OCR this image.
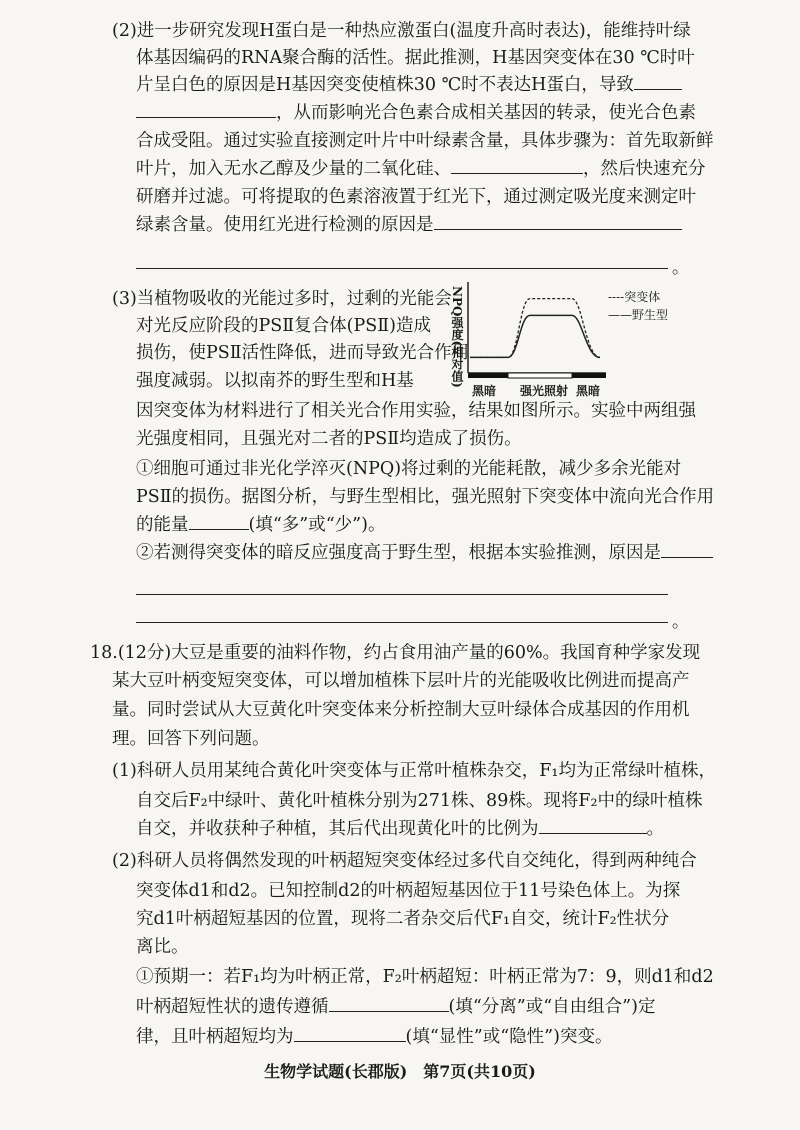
(2)进一步研究发现H蛋白是一种热应激蛋白(温度升高时表达)，能维持叶绿
体基因编码的RNA聚合酶的活性。据此推测，H基因突变体在30 ℃时叶
片呈白色的原因是H基因突变使植株30 ℃时不表达H蛋白，导致
，从而影响光合色素合成相关基因的转录，使光合色素
合成受阻。通过实验直接测定叶片中叶绿素含量，具体步骤为：首先取新鲜
叶片，加入无水乙醇及少量的二氧化硅、	，然后快速充分
研磨并过滤。可将提取的色素溶液置于红光下，通过测定吸光度来测定叶
绿素含量。使用红光进行检测的原因是
。
(3)当植物吸收的光能过多时，过剩的光能会
对光反应阶段的PSⅡ复合体(PSⅡ)造成
损伤，使PSⅡ活性降低，进而导致光合作用
强度减弱。以拟南芥的野生型和H基	NPQ强度(相对值)	----突变体
——野生型
黑暗 强光照射 黑暗
因突变体为材料进行了相关光合作用实验，结果如图所示。实验中两组强
光强度相同，且强光对二者的PSⅡ均造成了损伤。
①细胞可通过非光化学淬灭(NPQ)将过剩的光能耗散，减少多余光能对
PSⅡ的损伤。据图分析，与野生型相比，强光照射下突变体中流向光合作用
的能量	(填“多”或“少”)。
②若测得突变体的暗反应强度高于野生型，根据本实验推测，原因是
。
18.(12分)大豆是重要的油料作物，约占食用油产量的60%。我国育种学家发现
某大豆叶柄变短突变体，可以增加植株下层叶片的光能吸收比例进而提高产
量。同时尝试从大豆黄化叶突变体来分析控制大豆叶绿体合成基因的作用机
理。回答下列问题。
(1)科研人员用某纯合黄化叶突变体与正常叶植株杂交，F₁均为正常绿叶植株，
自交后F₂中绿叶、黄化叶植株分别为271株、89株。现将F₂中的绿叶植株
自交，并收获种子种植，其后代出现黄化叶的比例为	。
(2)科研人员将偶然发现的叶柄超短突变体经过多代自交纯化，得到两种纯合
突变体d1和d2。已知控制d2的叶柄超短基因位于11号染色体上。为探
究d1叶柄超短基因的位置，现将二者杂交后代F₁自交，统计F₂性状分
离比。
①预期一：若F₁均为叶柄正常，F₂叶柄超短：叶柄正常为7：9，则d1和d2
叶柄超短性状的遗传遵循	(填“分离”或“自由组合”)定
律，且叶柄超短均为	(填“显性”或“隐性”)突变。
生物学试题(长郡版)　第7页(共10页)
